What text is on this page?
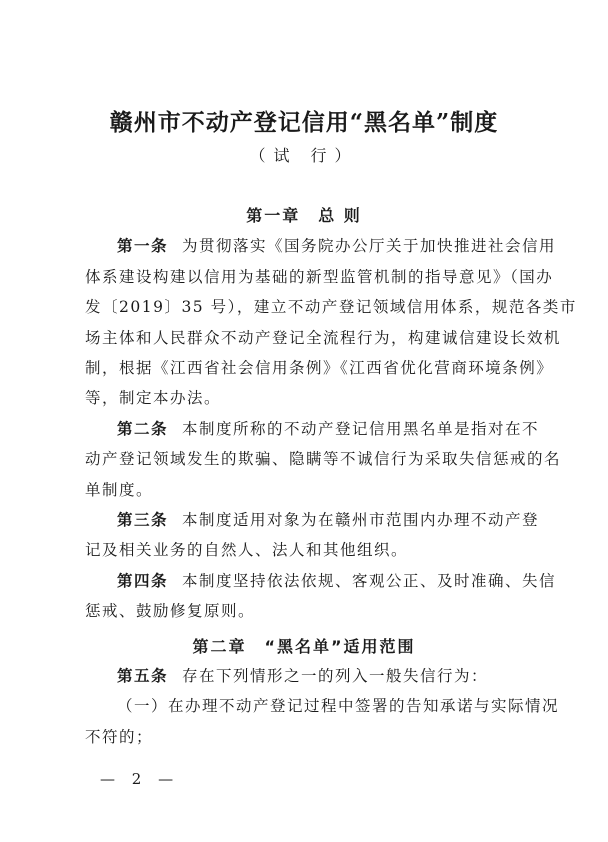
赣州市不动产登记信用“黑名单”制度
（试 行）
第一章　总 则
第一条 为贯彻落实《国务院办公厅关于加快推进社会信用
体系建设构建以信用为基础的新型监管机制的指导意见》（国办
发〔2019〕35 号），建立不动产登记领域信用体系，规范各类市
场主体和人民群众不动产登记全流程行为，构建诚信建设长效机
制，根据《江西省社会信用条例》《江西省优化营商环境条例》
等，制定本办法。
第二条 本制度所称的不动产登记信用黑名单是指对在不
动产登记领域发生的欺骗、隐瞒等不诚信行为采取失信惩戒的名
单制度。
第三条 本制度适用对象为在赣州市范围内办理不动产登
记及相关业务的自然人、法人和其他组织。
第四条 本制度坚持依法依规、客观公正、及时准确、失信
惩戒、鼓励修复原则。
第二章　“黑名单”适用范围
第五条 存在下列情形之一的列入一般失信行为：
（一）在办理不动产登记过程中签署的告知承诺与实际情况
不符的；
— 2 —
